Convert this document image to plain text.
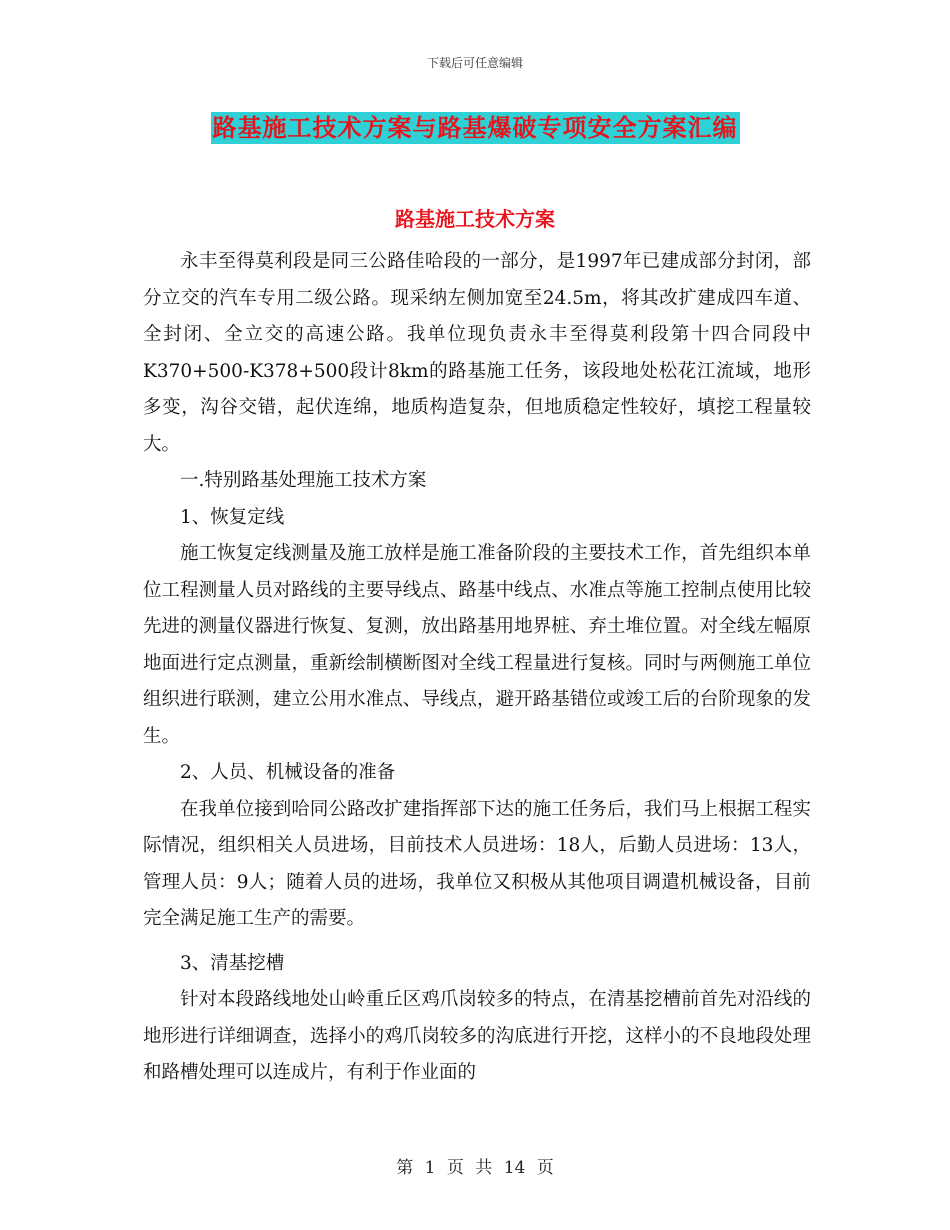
下载后可任意编辑
路基施工技术方案与路基爆破专项安全方案汇编
路基施工技术方案

永丰至得莫利段是同三公路佳哈段的一部分，是1997年已建成部分封闭，部分立交的汽车专用二级公路。现采纳左侧加宽至24.5m，将其改扩建成四车道、全封闭、全立交的高速公路。我单位现负责永丰至得莫利段第十四合同段中K370+500-K378+500段计8km的路基施工任务，该段地处松花江流域，地形多变，沟谷交错，起伏连绵，地质构造复杂，但地质稳定性较好，填挖工程量较大。

一.特别路基处理施工技术方案

1、恢复定线

施工恢复定线测量及施工放样是施工准备阶段的主要技术工作，首先组织本单位工程测量人员对路线的主要导线点、路基中线点、水准点等施工控制点使用比较先进的测量仪器进行恢复、复测，放出路基用地界桩、弃土堆位置。对全线左幅原地面进行定点测量，重新绘制横断图对全线工程量进行复核。同时与两侧施工单位组织进行联测，建立公用水准点、导线点，避开路基错位或竣工后的台阶现象的发生。

2、人员、机械设备的准备

在我单位接到哈同公路改扩建指挥部下达的施工任务后，我们马上根据工程实际情况，组织相关人员进场，目前技术人员进场：18人，后勤人员进场：13人，管理人员：9人；随着人员的进场，我单位又积极从其他项目调遣机械设备，目前完全满足施工生产的需要。

3、清基挖槽

针对本段路线地处山岭重丘区鸡爪岗较多的特点，在清基挖槽前首先对沿线的地形进行详细调查，选择小的鸡爪岗较多的沟底进行开挖，这样小的不良地段处理和路槽处理可以连成片，有利于作业面的

第 1 页 共 14 页
